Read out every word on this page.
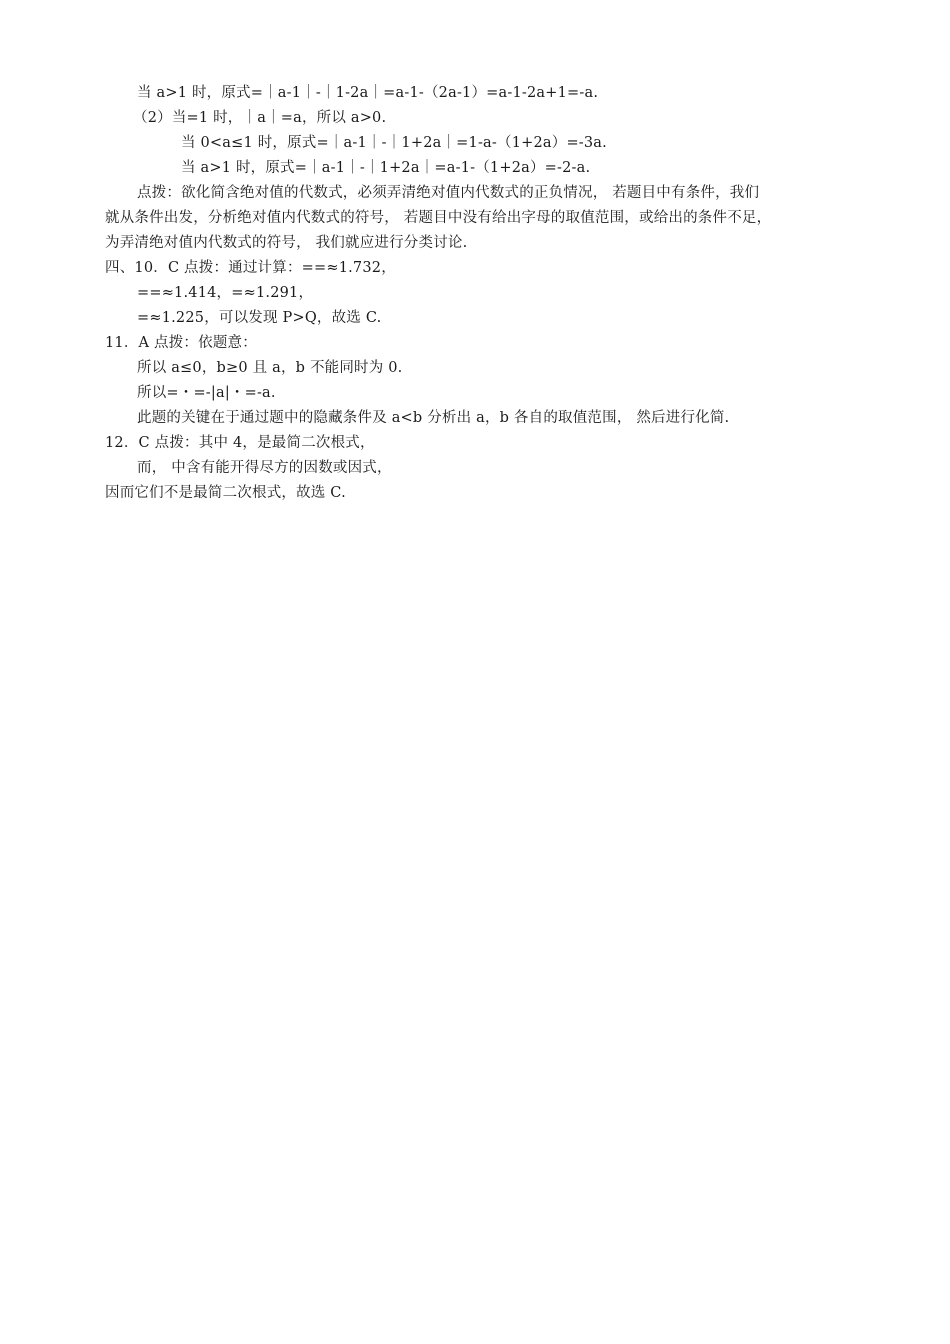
当 a>1 时，原式=｜a-1｜-｜1-2a｜=a-1-（2a-1）=a-1-2a+1=-a.
（2）当=1 时，｜a｜=a，所以 a>0.
当 0<a≤1 时，原式=｜a-1｜-｜1+2a｜=1-a-（1+2a）=-3a.
当 a>1 时，原式=｜a-1｜-｜1+2a｜=a-1-（1+2a）=-2-a.
点拨：欲化简含绝对值的代数式，必须弄清绝对值内代数式的正负情况， 若题目中有条件，我们
就从条件出发，分析绝对值内代数式的符号， 若题目中没有给出字母的取值范围，或给出的条件不足，
为弄清绝对值内代数式的符号， 我们就应进行分类讨论.
四、10．C 点拨：通过计算：==≈1.732，
==≈1.414，=≈1.291，
=≈1.225，可以发现 P>Q，故选 C.
11．A 点拨：依题意：
所以 a≤0，b≥0 且 a，b 不能同时为 0.
所以=・=-|a|・=-a.
此题的关键在于通过题中的隐藏条件及 a<b 分析出 a，b 各自的取值范围， 然后进行化简.
12．C 点拨：其中 4，是最简二次根式，
而， 中含有能开得尽方的因数或因式，
因而它们不是最简二次根式，故选 C.
